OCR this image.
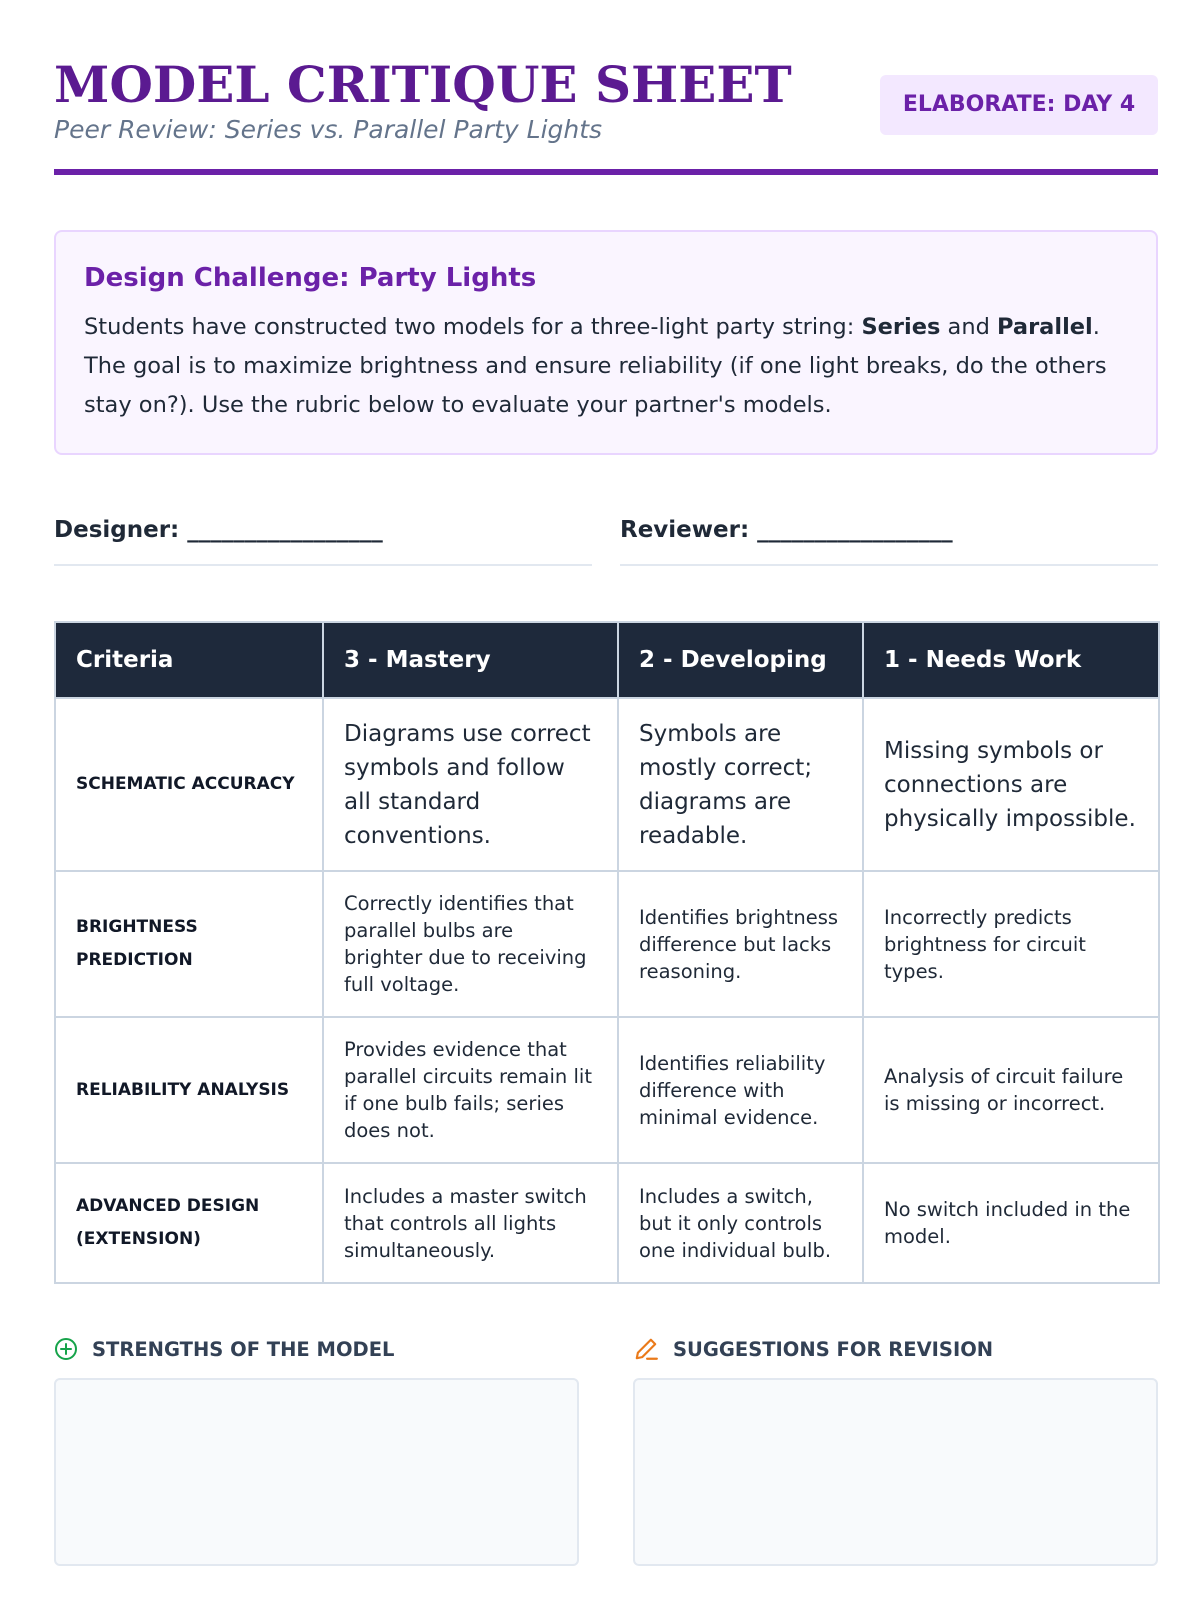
MODEL CRITIQUE SHEET
Peer Review: Series vs. Parallel Party Lights
ELABORATE: DAY 4
Design Challenge: Party Lights

Students have constructed two models for a three-light party string: Series and Parallel. The goal is to maximize brightness and ensure reliability (if one light breaks, do the others stay on?). Use the rubric below to evaluate your partner's models.

Designer: _________________	Reviewer: _________________
Criteria	3 - Mastery	2 - Developing	1 - Needs Work
SCHEMATIC ACCURACY	Diagrams use correct symbols and follow all standard conventions.	Symbols are mostly correct; diagrams are readable.	Missing symbols or connections are physically impossible.
BRIGHTNESS PREDICTION	Correctly identifies that parallel bulbs are brighter due to receiving full voltage.	Identifies brightness difference but lacks reasoning.	Incorrectly predicts brightness for circuit types.
RELIABILITY ANALYSIS	Provides evidence that parallel circuits remain lit if one bulb fails; series does not.	Identifies reliability difference with minimal evidence.	Analysis of circuit failure is missing or incorrect.
ADVANCED DESIGN (EXTENSION)	Includes a master switch that controls all lights simultaneously.	Includes a switch, but it only controls one individual bulb.	No switch included in the model.
STRENGTHS OF THE MODEL	SUGGESTIONS FOR REVISION
